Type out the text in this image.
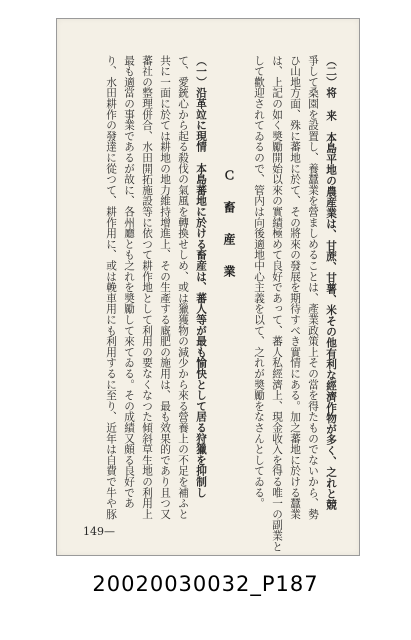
（二）将 来　本島平地の農産業は、甘蔗、甘薯、米その他有利な經濟作物が多く、之れと競
爭して桑園を設置し、養蠶業を營ましめることは、產業政策上その當を得たものでないから、勢
ひ山地方面、殊に蕃地に於て、その將來の發展を期待すべき實情にある。加之蕃地に於ける蠶業
は、上記の如く奬勵開始以來の實績極めて良好であって、蕃人私經濟上、現金收入を得る唯一の副業と
して歡迎されてゐるので、管内は向後適地中心主義を以て、之れが奬勵をなさんとしてゐる。
Ｃ 畜 産 業
（一）沿革竝に現情　本島蕃地に於ける畜産は、蕃人等が最も愉快として居る狩獵を抑制し
て、愛銃心から起る殺伐の氣風を轉換せしめ、或は獵獲物の減少から來る營養上の不足を補ふと
共に一面に於ては耕地の地力維持增進上、その生產する廐肥の施用は、最も效果的であり且つ又
蕃社の整理併合、水田開拓施設等に依つて耕作地として利用の要なくなつた傾斜草生地の利用上
最も適當の事業であるが故に、各州廳とも之れを奬勵して來てゐる。その成績又頗る良好であ
り、水田耕作の發達に從つて、耕作用に、或は輓車用にも利用するに至り、近年は自費で牛や豚
149—
20020030032_P187
